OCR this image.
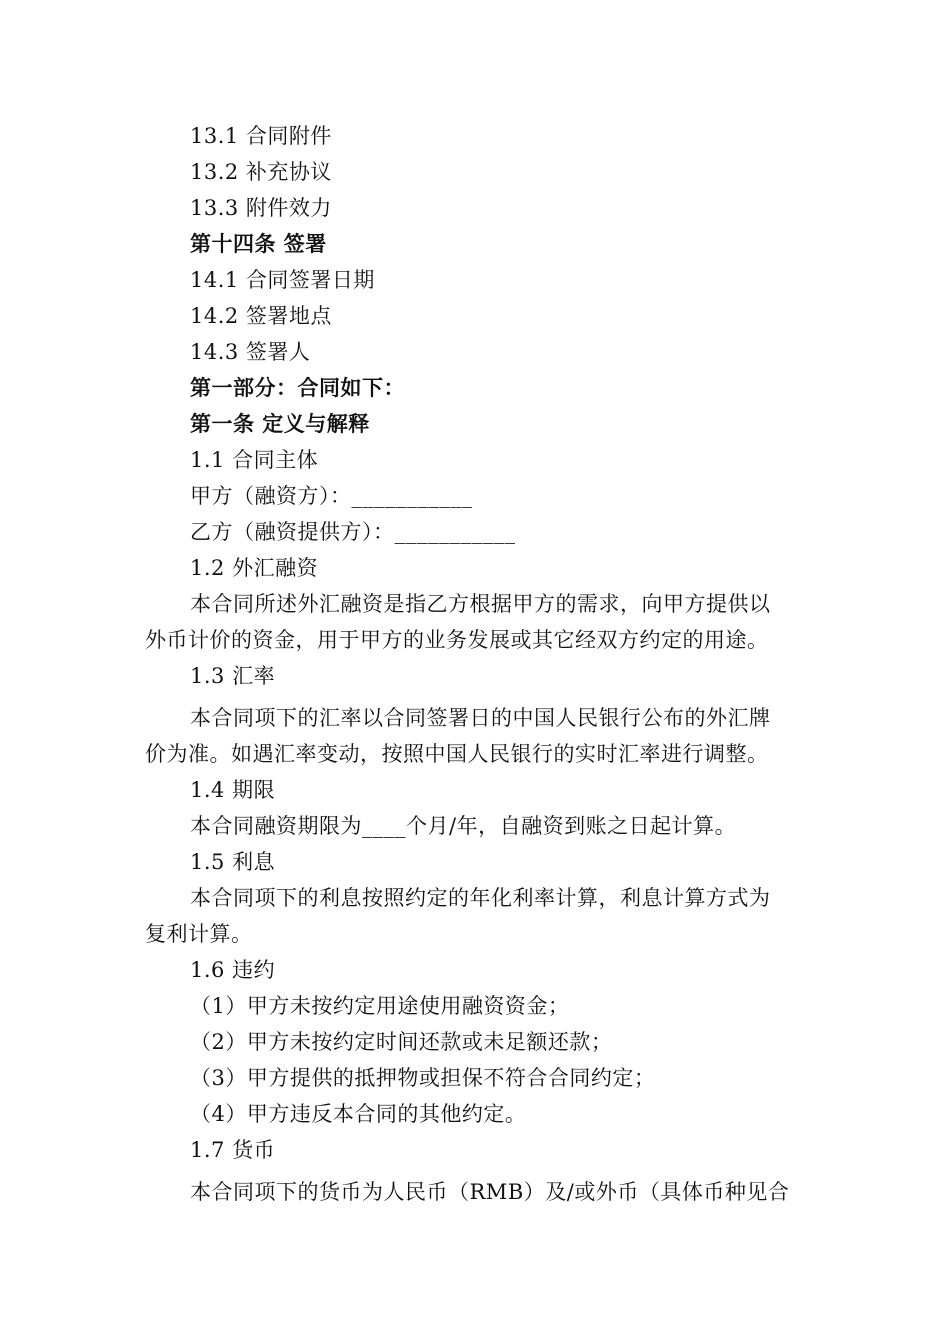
13.1 合同附件
13.2 补充协议
13.3 附件效力
第十四条 签署
14.1 合同签署日期
14.2 签署地点
14.3 签署人
第一部分：合同如下：
第一条 定义与解释
1.1 合同主体
甲方（融资方）：___________
乙方（融资提供方）：___________
1.2 外汇融资
本合同所述外汇融资是指乙方根据甲方的需求，向甲方提供以
外币计价的资金，用于甲方的业务发展或其它经双方约定的用途。
1.3 汇率
本合同项下的汇率以合同签署日的中国人民银行公布的外汇牌
价为准。如遇汇率变动，按照中国人民银行的实时汇率进行调整。
1.4 期限
本合同融资期限为____个月/年，自融资到账之日起计算。
1.5 利息
本合同项下的利息按照约定的年化利率计算，利息计算方式为
复利计算。
1.6 违约
（1）甲方未按约定用途使用融资资金；
（2）甲方未按约定时间还款或未足额还款；
（3）甲方提供的抵押物或担保不符合合同约定；
（4）甲方违反本合同的其他约定。
1.7 货币
本合同项下的货币为人民币（RMB）及/或外币（具体币种见合
